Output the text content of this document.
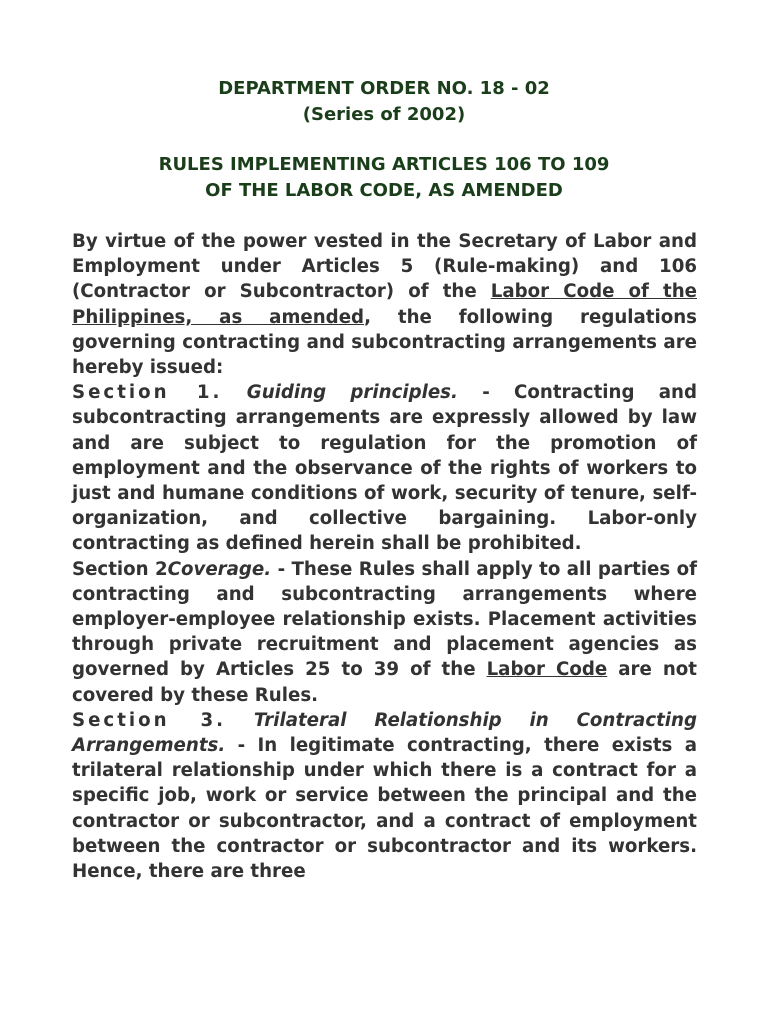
DEPARTMENT ORDER NO. 18 - 02
(Series of 2002)
RULES IMPLEMENTING ARTICLES 106 TO 109
OF THE LABOR CODE, AS AMENDED

By virtue of the power vested in the Secretary of Labor and Employment under Articles 5 (Rule-making) and 106 (Contractor or Subcontractor) of the Labor Code of the Philippines, as amended, the following regulations governing contracting and subcontracting arrangements are hereby issued:

Section 1. Guiding principles. - Contracting and subcontracting arrangements are expressly allowed by law and are subject to regulation for the promotion of employment and the observance of the rights of workers to just and humane conditions of work, security of tenure, self-organization, and collective bargaining. Labor-only contracting as defined herein shall be prohibited.

Section 2Coverage. - These Rules shall apply to all parties of contracting and subcontracting arrangements where employer-employee relationship exists. Placement activities through private recruitment and placement agencies as governed by Articles 25 to 39 of the Labor Code are not covered by these Rules.

Section 3. Trilateral Relationship in Contracting Arrangements. - In legitimate contracting, there exists a trilateral relationship under which there is a contract for a specific job, work or service between the principal and the contractor or subcontractor, and a contract of employment between the contractor or subcontractor and its workers. Hence, there are three
